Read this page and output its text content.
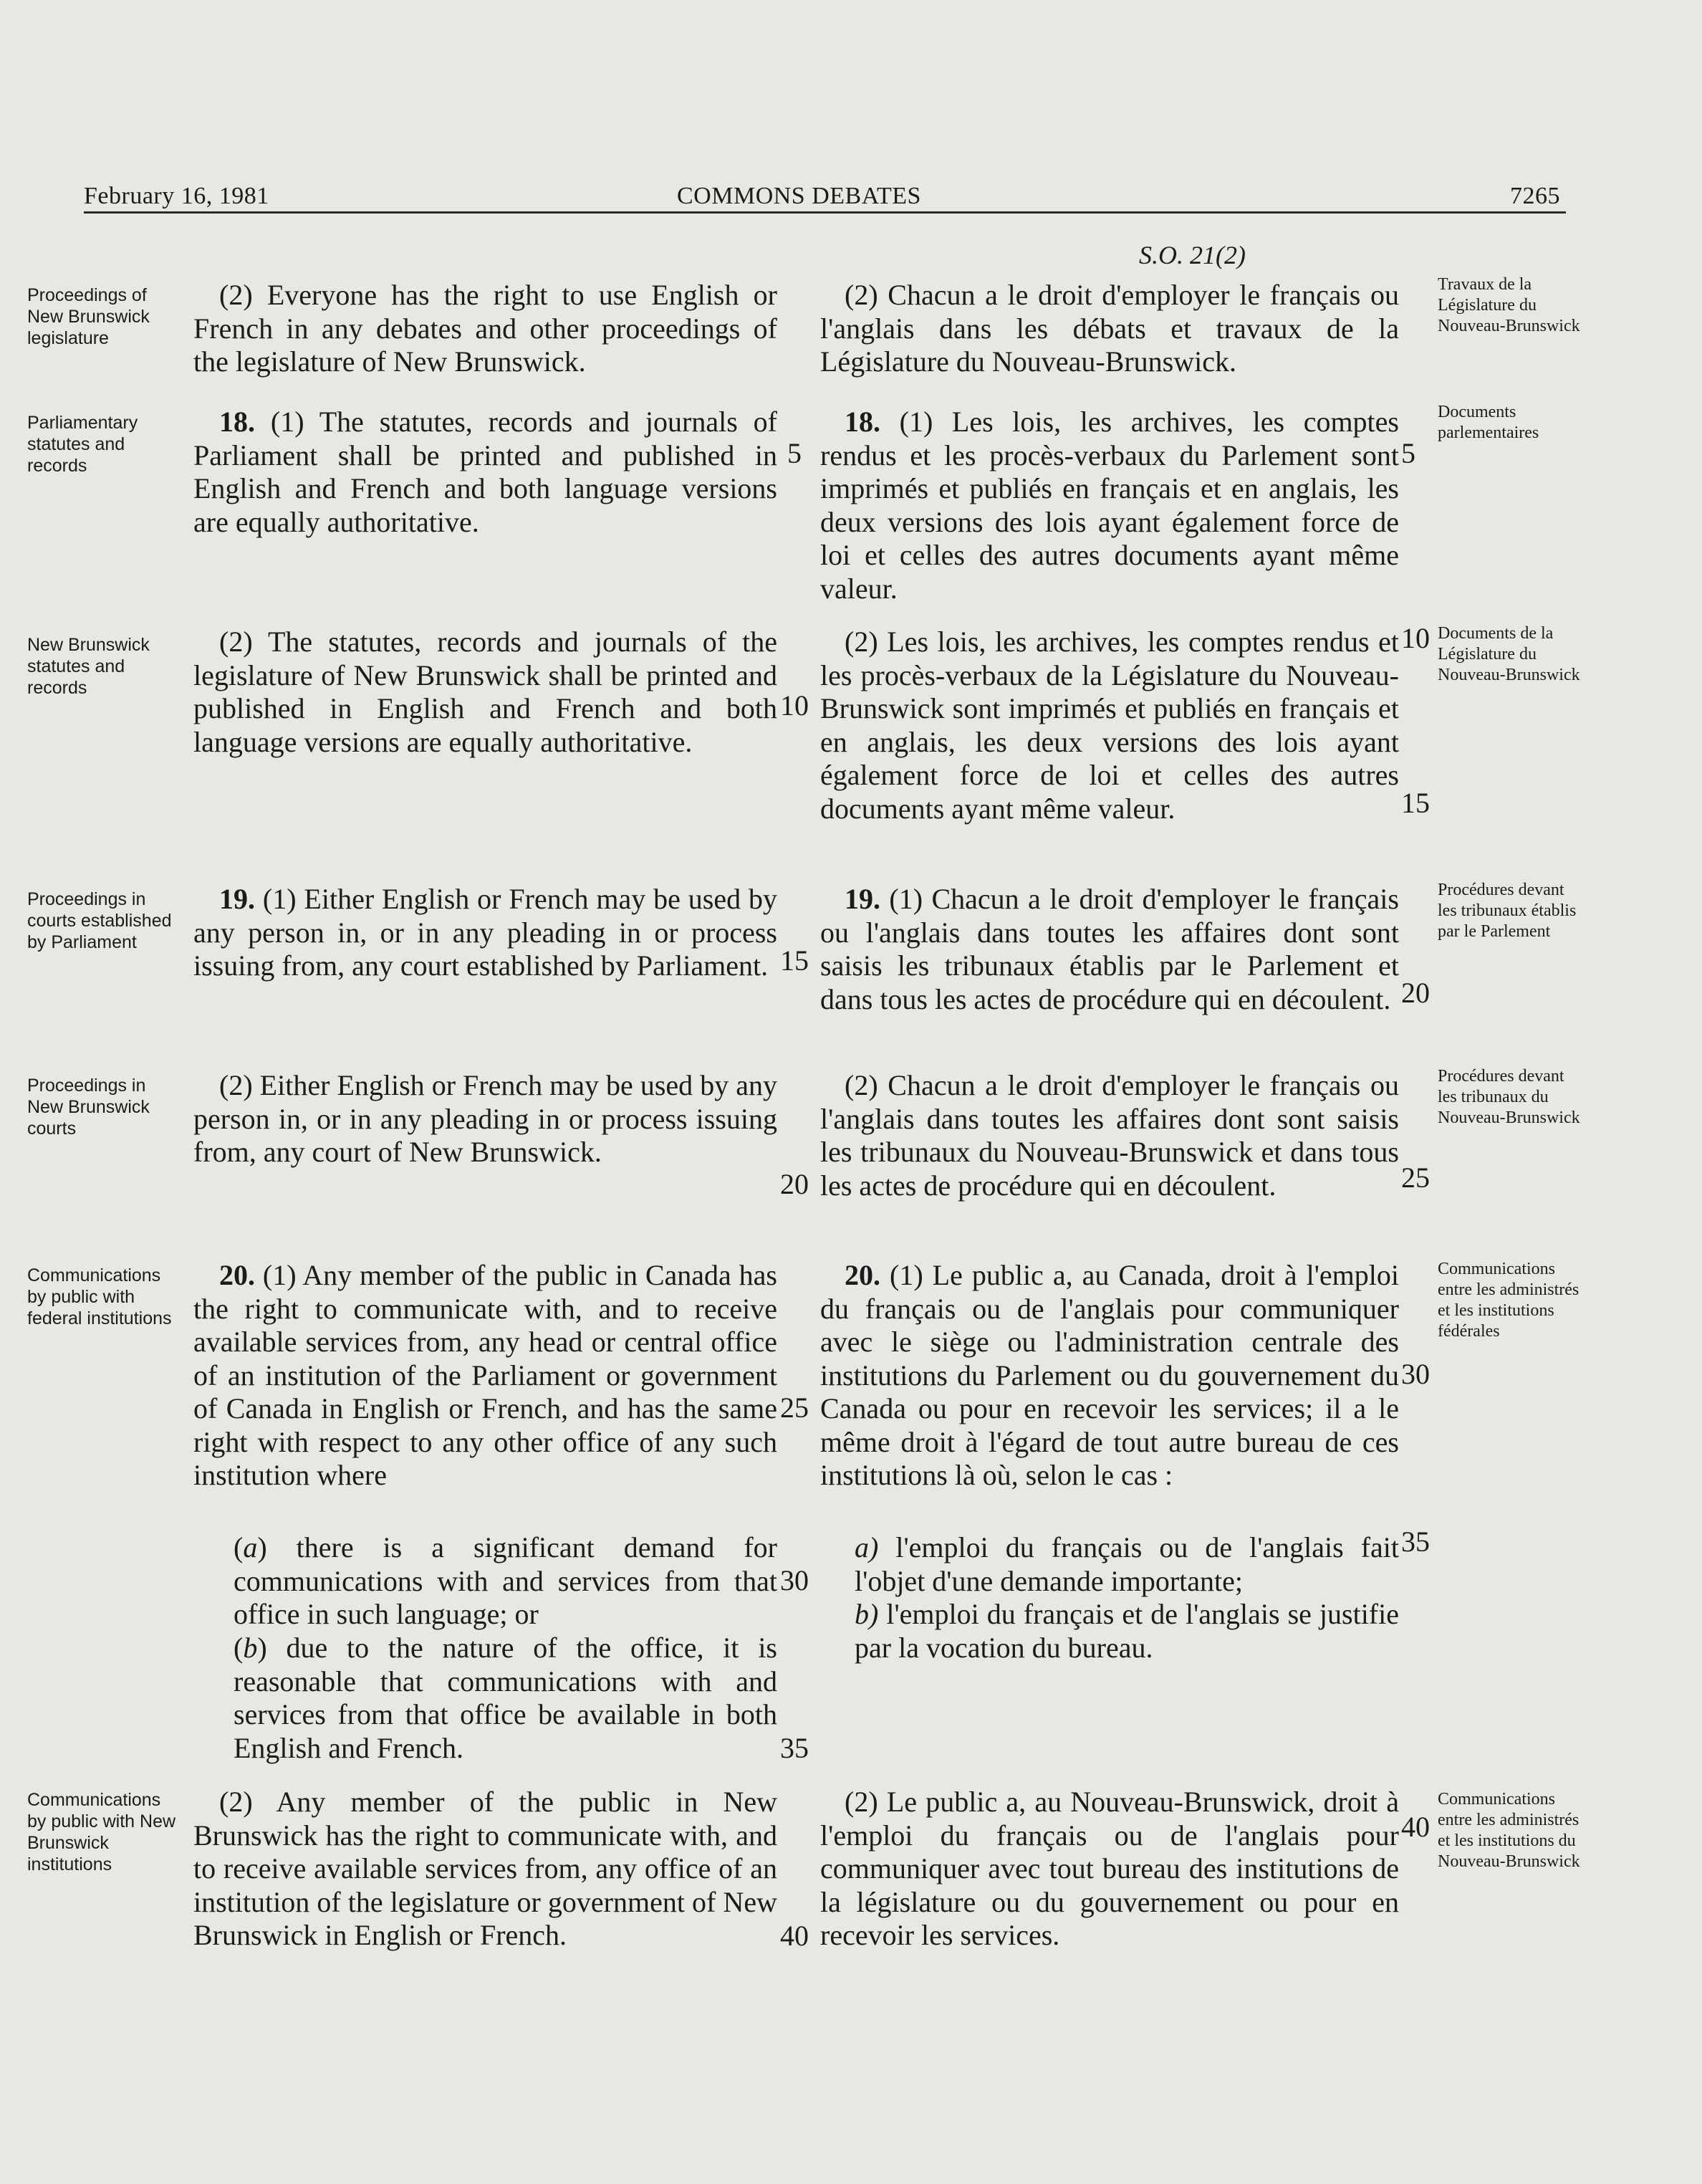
February 16, 1981	COMMONS DEBATES	7265
S.O. 21(2)
Proceedings of New Brunswick legislature
(2) Everyone has the right to use English or French in any debates and other proceedings of the legislature of New Brunswick.
(2) Chacun a le droit d'employer le français ou l'anglais dans les débats et travaux de la Législature du Nouveau-Brunswick.
Travaux de la Législature du Nouveau-Brunswick
Parliamentary statutes and records
18. (1) The statutes, records and journals of Parliament shall be printed and published in English and French and both language versions are equally authoritative.
18. (1) Les lois, les archives, les comptes rendus et les procès-verbaux du Parlement sont imprimés et publiés en français et en anglais, les deux versions des lois ayant également force de loi et celles des autres documents ayant même valeur.
Documents parlementaires
New Brunswick statutes and records
(2) The statutes, records and journals of the legislature of New Brunswick shall be printed and published in English and French and both language versions are equally authoritative.
(2) Les lois, les archives, les comptes rendus et les procès-verbaux de la Législature du Nouveau-Brunswick sont imprimés et publiés en français et en anglais, les deux versions des lois ayant également force de loi et celles des autres documents ayant même valeur.
Documents de la Législature du Nouveau-Brunswick
Proceedings in courts established by Parliament
19. (1) Either English or French may be used by any person in, or in any pleading in or process issuing from, any court established by Parliament.
19. (1) Chacun a le droit d'employer le français ou l'anglais dans toutes les affaires dont sont saisis les tribunaux établis par le Parlement et dans tous les actes de procédure qui en découlent.
Procédures devant les tribunaux établis par le Parlement
Proceedings in New Brunswick courts
(2) Either English or French may be used by any person in, or in any pleading in or process issuing from, any court of New Brunswick.
(2) Chacun a le droit d'employer le français ou l'anglais dans toutes les affaires dont sont saisis les tribunaux du Nouveau-Brunswick et dans tous les actes de procédure qui en découlent.
Procédures devant les tribunaux du Nouveau-Brunswick
Communications by public with federal institutions
20. (1) Any member of the public in Canada has the right to communicate with, and to receive available services from, any head or central office of an institution of the Parliament or government of Canada in English or French, and has the same right with respect to any other office of any such institution where
20. (1) Le public a, au Canada, droit à l'emploi du français ou de l'anglais pour communiquer avec le siège ou l'administration centrale des institutions du Parlement ou du gouvernement du Canada ou pour en recevoir les services; il a le même droit à l'égard de tout autre bureau de ces institutions là où, selon le cas :
Communications entre les administrés et les institutions fédérales
(a) there is a significant demand for communications with and services from that office in such language; or
(b) due to the nature of the office, it is reasonable that communications with and services from that office be available in both English and French.
a) l'emploi du français ou de l'anglais fait l'objet d'une demande importante;
b) l'emploi du français et de l'anglais se justifie par la vocation du bureau.
Communications by public with New Brunswick institutions
(2) Any member of the public in New Brunswick has the right to communicate with, and to receive available services from, any office of an institution of the legislature or government of New Brunswick in English or French.
(2) Le public a, au Nouveau-Brunswick, droit à l'emploi du français ou de l'anglais pour communiquer avec tout bureau des institutions de la législature ou du gouvernement ou pour en recevoir les services.
Communications entre les administrés et les institutions du Nouveau-Brunswick
5
10
15
20
25
30
35
40
5
10
15
20
25
30
35
40
